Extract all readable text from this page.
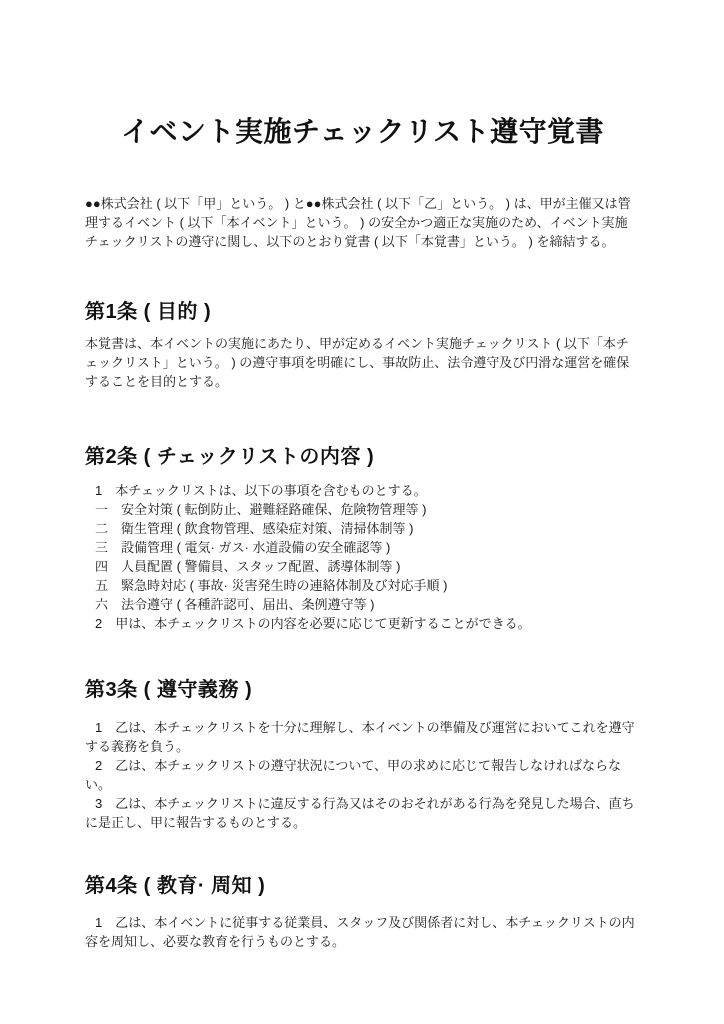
イベント実施チェックリスト遵守覚書

●●株式会社 ( 以下「甲」という。 ) と●●株式会社 ( 以下「乙」という。 ) は、甲が主催又は管理するイベント ( 以下「本イベント」という。 ) の安全かつ適正な実施のため、イベント実施チェックリストの遵守に関し、以下のとおり覚書 ( 以下「本覚書」という。 ) を締結する。

第1条 ( 目的 )

本覚書は、本イベントの実施にあたり、甲が定めるイベント実施チェックリスト ( 以下「本チェックリスト」という。 ) の遵守事項を明確にし、事故防止、法令遵守及び円滑な運営を確保することを目的とする。

第2条 ( チェックリストの内容 )

1　本チェックリストは、以下の事項を含むものとする。

一　安全対策 ( 転倒防止、避難経路確保、危険物管理等 )

二　衛生管理 ( 飲食物管理、感染症対策、清掃体制等 )

三　設備管理 ( 電気· ガス· 水道設備の安全確認等 )

四　人員配置 ( 警備員、スタッフ配置、誘導体制等 )

五　緊急時対応 ( 事故· 災害発生時の連絡体制及び対応手順 )

六　法令遵守 ( 各種許認可、届出、条例遵守等 )

2　甲は、本チェックリストの内容を必要に応じて更新することができる。

第3条 ( 遵守義務 )

1　乙は、本チェックリストを十分に理解し、本イベントの準備及び運営においてこれを遵守する義務を負う。

2　乙は、本チェックリストの遵守状況について、甲の求めに応じて報告しなければならない。

3　乙は、本チェックリストに違反する行為又はそのおそれがある行為を発見した場合、直ちに是正し、甲に報告するものとする。

第4条 ( 教育· 周知 )

1　乙は、本イベントに従事する従業員、スタッフ及び関係者に対し、本チェックリストの内容を周知し、必要な教育を行うものとする。
